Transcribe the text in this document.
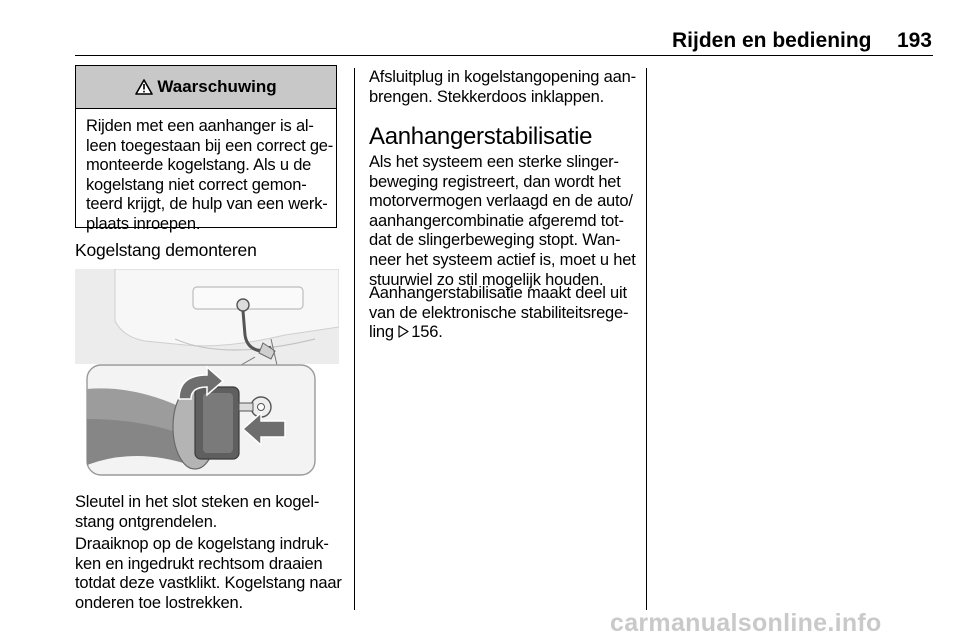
Rijden en bediening	193
Waarschuwing
Rijden met een aanhanger is al-
leen toegestaan bij een correct ge-
monteerde kogelstang. Als u de
kogelstang niet correct gemon-
teerd krijgt, de hulp van een werk-
plaats inroepen.
Kogelstang demonteren
Sleutel in het slot steken en kogel-
stang ontgrendelen.
Draaiknop op de kogelstang indruk-
ken en ingedrukt rechtsom draaien
totdat deze vastklikt. Kogelstang naar
onderen toe lostrekken.
Afsluitplug in kogelstangopening aan-
brengen. Stekkerdoos inklappen.
Aanhangerstabilisatie
Als het systeem een sterke slinger-
beweging registreert, dan wordt het
motorvermogen verlaagd en de auto/
aanhangercombinatie afgeremd tot-
dat de slingerbeweging stopt. Wan-
neer het systeem actief is, moet u het
stuurwiel zo stil mogelijk houden.
Aanhangerstabilisatie maakt deel uit
van de elektronische stabiliteitsrege-
ling 156.
carmanualsonline.info
